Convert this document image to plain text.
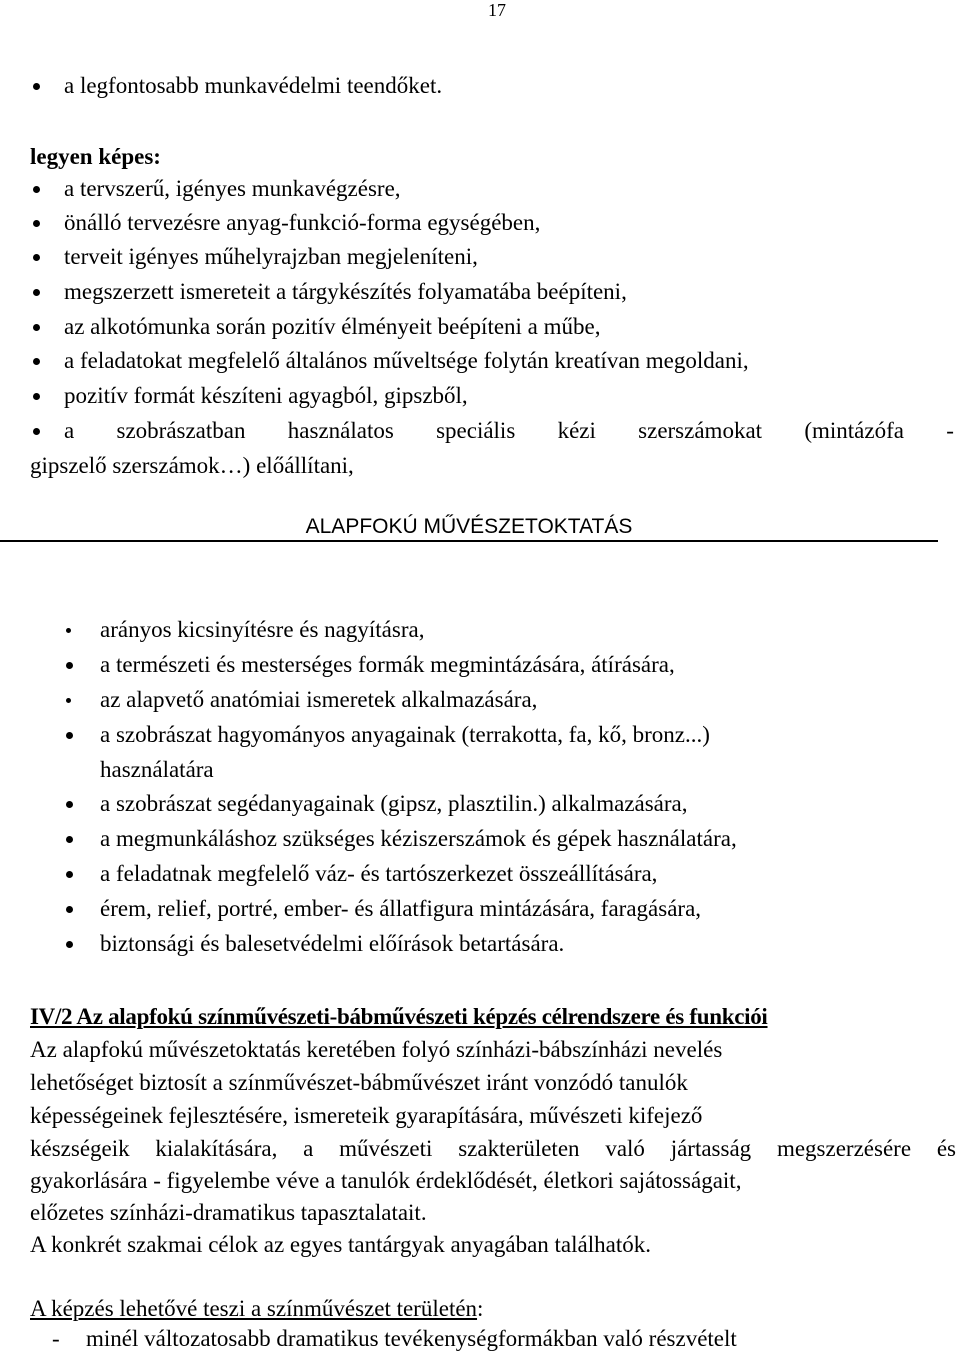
17
a legfontosabb munkavédelmi teendőket.
legyen képes:
a tervszerű, igényes munkavégzésre,
önálló tervezésre anyag-funkció-forma egységében,
terveit igényes műhelyrajzban megjeleníteni,
megszerzett ismereteit a tárgykészítés folyamatába beépíteni,
az alkotómunka során pozitív élményeit beépíteni a műbe,
a feladatokat megfelelő általános műveltsége folytán kreatívan megoldani,
pozitív formát készíteni agyagból, gipszből,
a szobrászatban használatos speciális kézi szerszámokat (mintázófa -
gipszelő szerszámok…) előállítani,
ALAPFOKÚ MŰVÉSZETOKTATÁS
arányos kicsinyítésre és nagyításra,
a természeti és mesterséges formák megmintázására, átírására,
az alapvető anatómiai ismeretek alkalmazására,
a szobrászat hagyományos anyagainak (terrakotta, fa, kő, bronz...)
használatára
a szobrászat segédanyagainak (gipsz, plasztilin.) alkalmazására,
a megmunkáláshoz szükséges kéziszerszámok és gépek használatára,
a feladatnak megfelelő váz- és tartószerkezet összeállítására,
érem, relief, portré, ember- és állatfigura mintázására, faragására,
biztonsági és balesetvédelmi előírások betartására.
IV/2 Az alapfokú színművészeti-bábművészeti képzés célrendszere és funkciói
Az alapfokú művészetoktatás keretében folyó színházi-bábszínházi nevelés
lehetőséget biztosít a színművészet-bábművészet iránt vonzódó tanulók
képességeinek fejlesztésére, ismereteik gyarapítására, művészeti kifejező
készségeik kialakítására, a művészeti szakterületen való jártasság megszerzésére és
gyakorlására - figyelembe véve a tanulók érdeklődését, életkori sajátosságait,
előzetes színházi-dramatikus tapasztalatait.
A konkrét szakmai célok az egyes tantárgyak anyagában találhatók.
A képzés lehetővé teszi a színművészet területén:
- minél változatosabb dramatikus tevékenységformákban való részvételt
